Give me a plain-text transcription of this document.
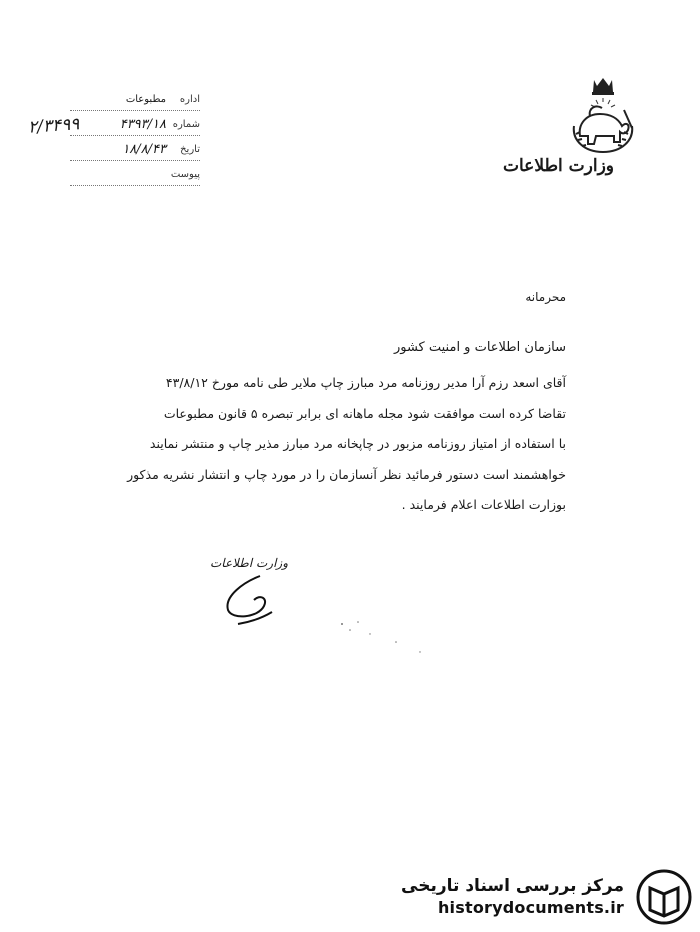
وزارت اطلاعات
۲/۳۴۹۹
اداره
مطبوعات
شماره
۴۳۹۳/۱۸
تاریخ
۱۸/۸/۴۳
پیوست
محرمانه
سازمان اطلاعات و امنیت کشور
آقای اسعد رزم آرا مدیر روزنامه مرد مبارز چاپ ملایر طی نامه مورخ ۴۳/۸/۱۲
تقاضا کرده است موافقت شود مجله ماهانه ای برابر تبصره ۵ قانون مطبوعات
با استفاده از امتیاز روزنامه مزبور در چاپخانه مرد مبارز مذیر چاپ و منتشر نمایند
خواهشمند است دستور فرمائید نظر آنسازمان را در مورد چاپ و انتشار نشریه مذکور
بوزارت اطلاعات اعلام فرمایند .
وزارت اطلاعات
مرکز بررسی اسناد تاریخی
historydocuments.ir
